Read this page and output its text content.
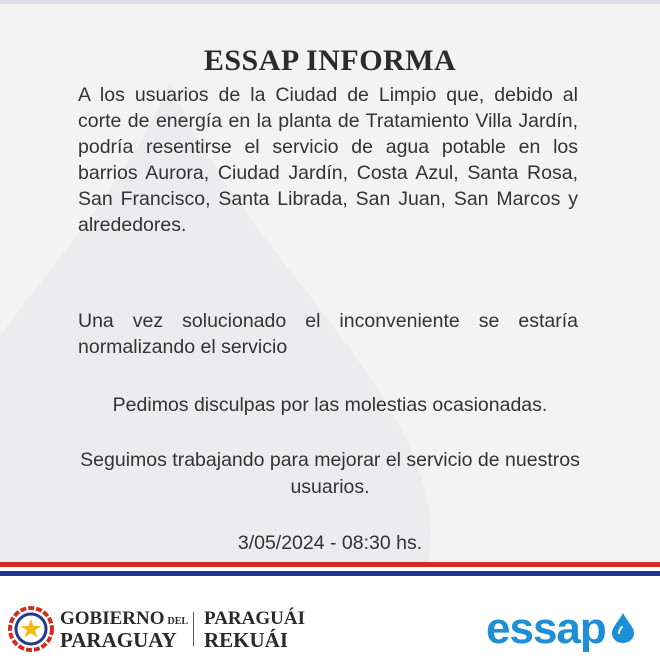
ESSAP INFORMA
A los usuarios de la Ciudad de Limpio que, debido al corte de energía en la planta de Tratamiento Villa Jardín, podría resentirse el servicio de agua potable en los barrios Aurora, Ciudad Jardín, Costa Azul, Santa Rosa, San Francisco, Santa Librada, San Juan, San Marcos y alrededores.
Una vez solucionado el inconveniente se estaría normalizando el servicio
Pedimos disculpas por las molestias ocasionadas.
Seguimos trabajando para mejorar el servicio de nuestros usuarios.
3/05/2024 - 08:30 hs.
GOBIERNO DEL
PARAGUAY
PARAGUÁI
REKUÁI	essap
